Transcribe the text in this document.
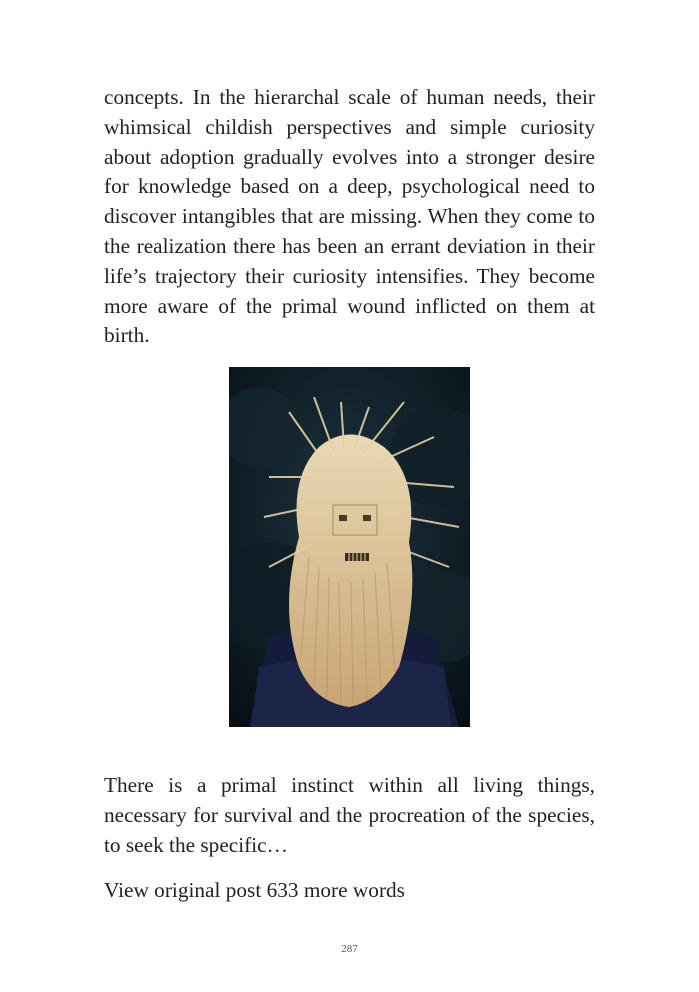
concepts. In the hierarchal scale of human needs, their whimsical childish perspectives and simple curiosity about adoption gradually evolves into a stronger desire for knowledge based on a deep, psychological need to discover intangibles that are missing. When they come to the realization there has been an errant deviation in their life’s trajectory their curiosity intensifies. They become more aware of the primal wound inflicted on them at birth.

There is a primal instinct within all living things, necessary for survival and the procreation of the species, to seek the specific…

View original post 633 more words

287
